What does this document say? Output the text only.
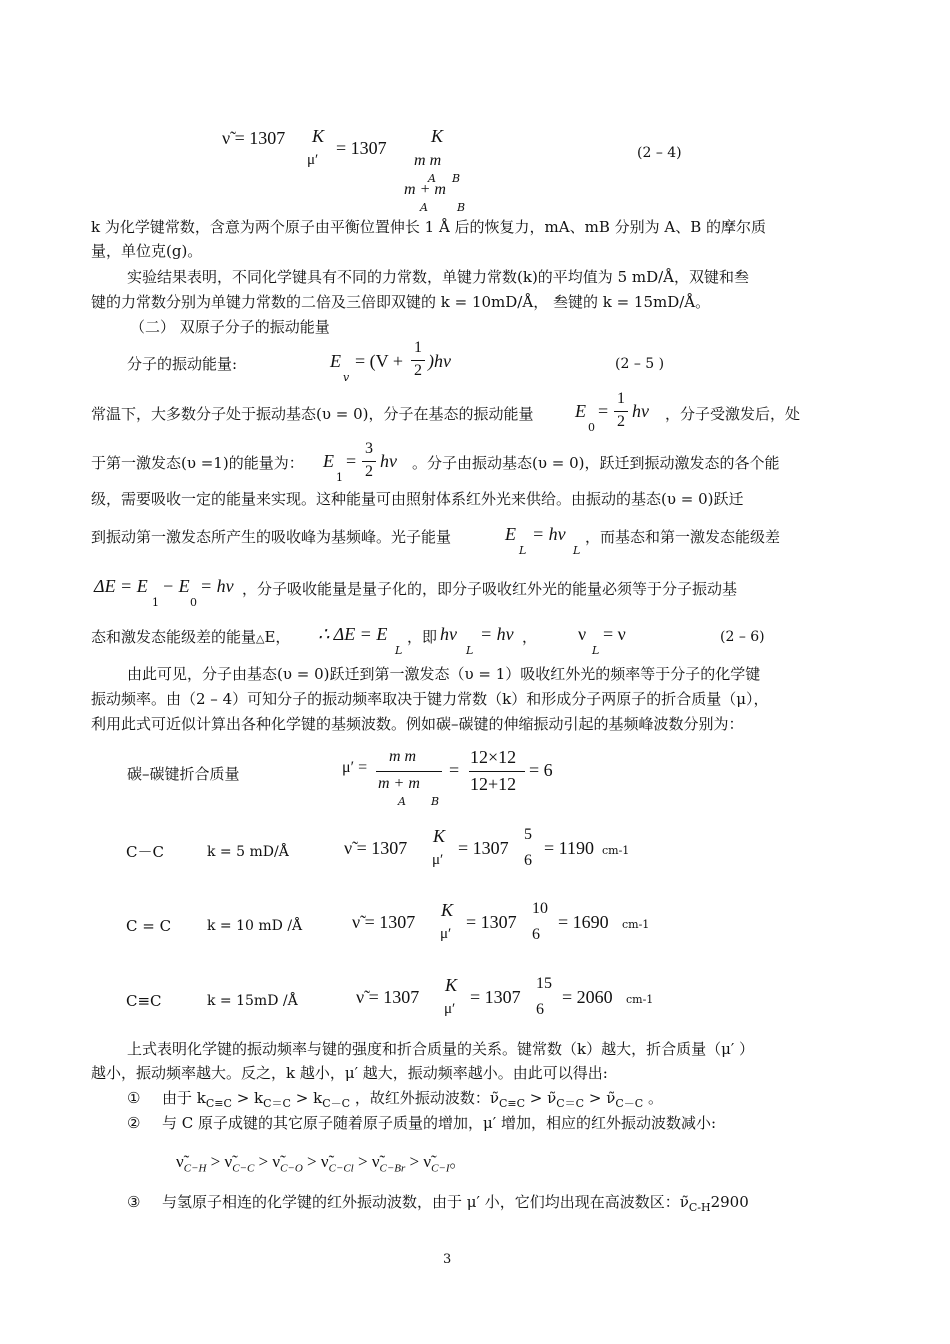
ν̃ = 1307 K
μ′
= 1307
K
m m
A B
m + m
A	B
(2 – 4)
k 为化学键常数，含意为两个原子由平衡位置伸长 1 Å 后的恢复力，mA、mB 分别为 A、B 的摩尔质
量，单位克(g)。
实验结果表明，不同化学键具有不同的力常数，单键力常数(k)的平均值为 5 mD/Å，双键和叁
键的力常数分别为单键力常数的二倍及三倍即双键的 k = 10mD/Å， 叁键的 k = 15mD/Å。
（二） 双原子分子的振动能量
分子的振动能量:	E
v
= (V +
1
2 )hν	(2 – 5 )
常温下，大多数分子处于振动基态(υ = 0)，分子在基态的振动能量 E
0
=
1
2
hν ，分子受激发后，处
于第一激发态(υ =1)的能量为： E
1
=
3
2
hν 。分子由振动基态(υ = 0)，跃迁到振动激发态的各个能
级，需要吸收一定的能量来实现。这种能量可由照射体系红外光来供给。由振动的基态(υ = 0)跃迁
到振动第一激发态所产生的吸收峰为基频峰。光子能量	E
L
= hν
L
，而基态和第一激发态能级差
ΔE = E
1
− E
0
= hν ，分子吸收能量是量子化的，即分子吸收红外光的能量必须等于分子振动基
态和激发态能级差的能量△E， ∴ ΔE = E
L
，即 hν
L
= hν ， ν
L
= ν	(2 – 6)
由此可见，分子由基态(υ = 0)跃迁到第一激发态（υ = 1）吸收红外光的频率等于分子的化学键
振动频率。由（2 – 4）可知分子的振动频率取决于键力常数（k）和形成分子两原子的折合质量（μ），
利用此式可近似计算出各种化学键的基频波数。例如碳–碳键的伸缩振动引起的基频峰波数分别为：
碳–碳键折合质量	μ′ =
m m
m + m
A B
=
12×12
12+12
= 6
C－C	k = 5 mD/Å	ν̃ = 1307
K
μ′
= 1307
5
6
= 1190 cm-1
C = C	k = 10 mD /Å	ν̃ = 1307
K
μ′
= 1307
10
6
= 1690 cm-1
C≡C	k = 15mD /Å	ν̃ = 1307
K
μ′
= 1307
15
6
= 2060 cm-1
上式表明化学键的振动频率与键的强度和折合质量的关系。键常数（k）越大，折合质量（μ′ ）
越小，振动频率越大。反之，k 越小，μ′ 越大，振动频率越小。由此可以得出:
① 由于 $k_{C\equiv C} > k_{C=C} > k_{C-C}$ ，故红外振动波数：$\nũ_{C\equiv C}$ > $\nũ_{C=C}$ > $\nũ_{C-C}$ 。
② 与 C 原子成键的其它原子随着原子质量的增加，μ′ 增加，相应的红外振动波数减小:
$\nũ_{C-H}$ > $\nũ_{C-C}$ > $\nũ_{C-O}$ > $\nũ_{C-Cl}$ > $\nũ_{C-Br}$ > $\nũ_{C-I}$。
③ 与氢原子相连的化学键的红外振动波数，由于 μ′ 小，它们均出现在高波数区：$\nũ_{C-H}2900$
3
